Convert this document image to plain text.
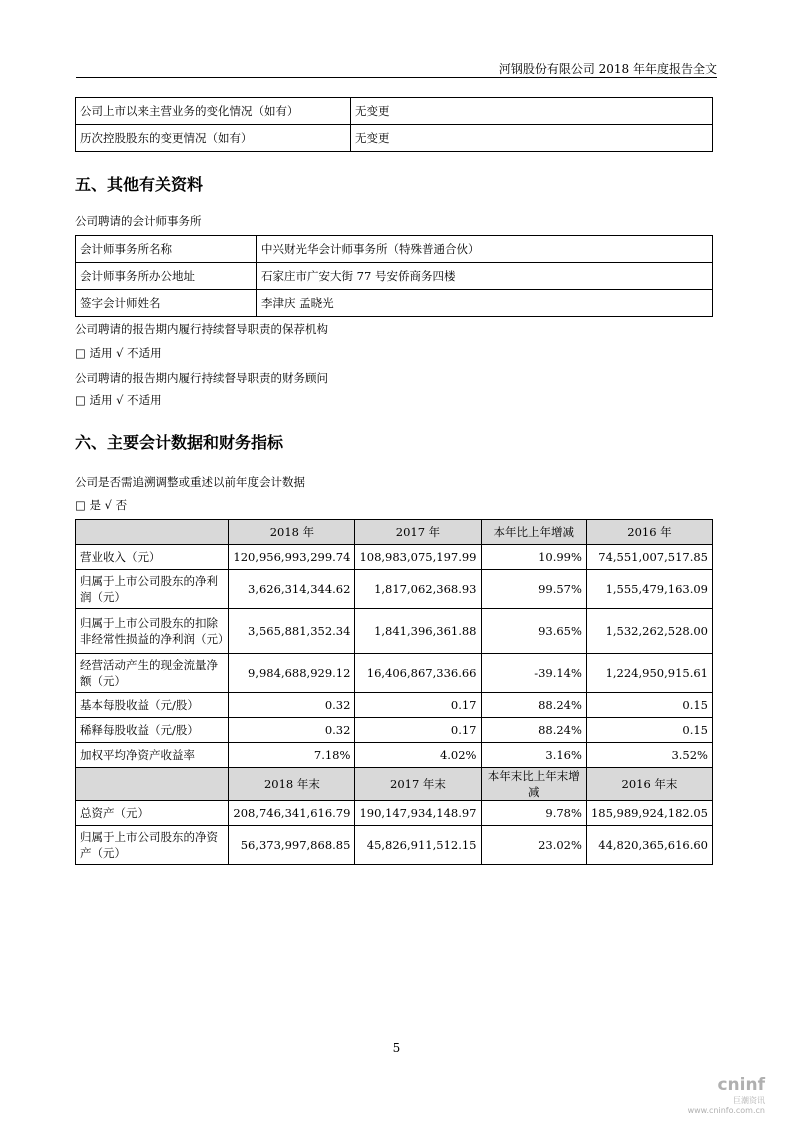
河钢股份有限公司 2018 年年度报告全文
公司上市以来主营业务的变化情况（如有）	无变更
历次控股股东的变更情况（如有）	无变更
五、其他有关资料
公司聘请的会计师事务所
会计师事务所名称	中兴财光华会计师事务所（特殊普通合伙）
会计师事务所办公地址	石家庄市广安大街 77 号安侨商务四楼
签字会计师姓名	李津庆 孟晓光
公司聘请的报告期内履行持续督导职责的保荐机构
□ 适用 √ 不适用
公司聘请的报告期内履行持续督导职责的财务顾问
□ 适用 √ 不适用
六、主要会计数据和财务指标
公司是否需追溯调整或重述以前年度会计数据
□ 是 √ 否
	2018 年	2017 年	本年比上年增减	2016 年
营业收入（元）	120,956,993,299.74	108,983,075,197.99	10.99%	74,551,007,517.85
归属于上市公司股东的净利润（元）	3,626,314,344.62	1,817,062,368.93	99.57%	1,555,479,163.09
归属于上市公司股东的扣除非经常性损益的净利润（元）	3,565,881,352.34	1,841,396,361.88	93.65%	1,532,262,528.00
经营活动产生的现金流量净额（元）	9,984,688,929.12	16,406,867,336.66	-39.14%	1,224,950,915.61
基本每股收益（元/股）	0.32	0.17	88.24%	0.15
稀释每股收益（元/股）	0.32	0.17	88.24%	0.15
加权平均净资产收益率	7.18%	4.02%	3.16%	3.52%
	2018 年末	2017 年末	本年末比上年末增减	2016 年末
总资产（元）	208,746,341,616.79	190,147,934,148.97	9.78%	185,989,924,182.05
归属于上市公司股东的净资产（元）	56,373,997,868.85	45,826,911,512.15	23.02%	44,820,365,616.60
5
cninf
巨潮资讯
www.cninfo.com.cn
